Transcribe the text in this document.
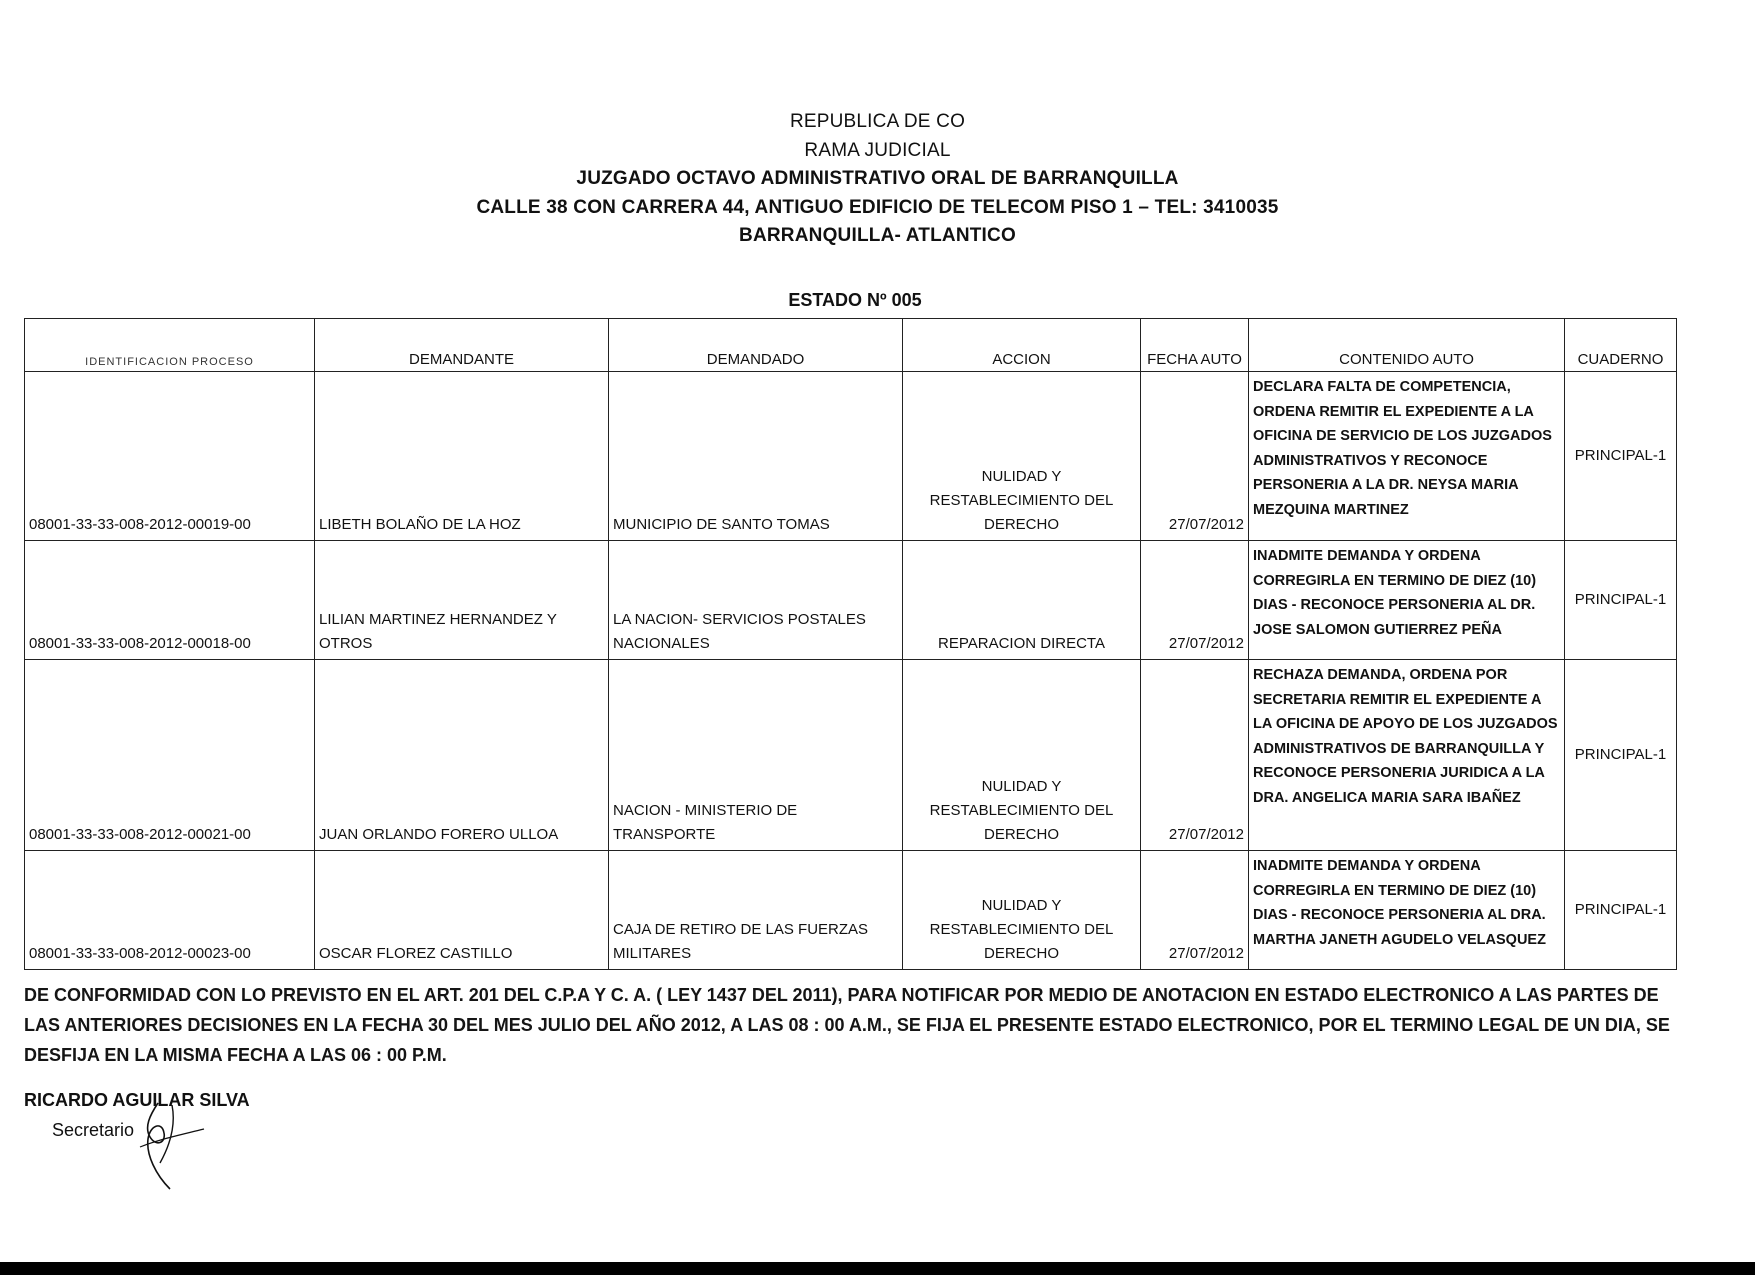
REPUBLICA DE CO
RAMA JUDICIAL
JUZGADO OCTAVO ADMINISTRATIVO ORAL DE BARRANQUILLA
CALLE 38 CON CARRERA 44, ANTIGUO EDIFICIO DE TELECOM PISO 1 – TEL: 3410035
BARRANQUILLA- ATLANTICO
ESTADO Nº 005
IDENTIFICACION PROCESO	DEMANDANTE	DEMANDADO	ACCION	FECHA AUTO	CONTENIDO AUTO	CUADERNO
08001-33-33-008-2012-00019-00	LIBETH BOLAÑO DE LA HOZ	MUNICIPIO DE SANTO TOMAS	NULIDAD Y RESTABLECIMIENTO DEL DERECHO	27/07/2012	DECLARA FALTA DE COMPETENCIA, ORDENA REMITIR EL EXPEDIENTE A LA OFICINA DE SERVICIO DE LOS JUZGADOS ADMINISTRATIVOS Y RECONOCE PERSONERIA A LA DR. NEYSA MARIA MEZQUINA MARTINEZ	PRINCIPAL-1
08001-33-33-008-2012-00018-00	LILIAN MARTINEZ HERNANDEZ Y OTROS	LA NACION- SERVICIOS POSTALES NACIONALES	REPARACION DIRECTA	27/07/2012	INADMITE DEMANDA Y ORDENA CORREGIRLA EN TERMINO DE DIEZ (10) DIAS - RECONOCE PERSONERIA AL DR. JOSE SALOMON GUTIERREZ PEÑA	PRINCIPAL-1
08001-33-33-008-2012-00021-00	JUAN ORLANDO FORERO ULLOA	NACION - MINISTERIO DE TRANSPORTE	NULIDAD Y RESTABLECIMIENTO DEL DERECHO	27/07/2012	RECHAZA DEMANDA, ORDENA POR SECRETARIA REMITIR EL EXPEDIENTE A LA OFICINA DE APOYO DE LOS JUZGADOS ADMINISTRATIVOS DE BARRANQUILLA Y RECONOCE PERSONERIA JURIDICA A LA DRA. ANGELICA MARIA SARA IBAÑEZ	PRINCIPAL-1
08001-33-33-008-2012-00023-00	OSCAR FLOREZ CASTILLO	CAJA DE RETIRO DE LAS FUERZAS MILITARES	NULIDAD Y RESTABLECIMIENTO DEL DERECHO	27/07/2012	INADMITE DEMANDA Y ORDENA CORREGIRLA EN TERMINO DE DIEZ (10) DIAS - RECONOCE PERSONERIA AL DRA. MARTHA JANETH AGUDELO VELASQUEZ	PRINCIPAL-1
DE CONFORMIDAD CON LO PREVISTO EN EL ART. 201 DEL C.P.A Y C. A. ( LEY 1437 DEL 2011), PARA NOTIFICAR POR MEDIO DE ANOTACION EN ESTADO ELECTRONICO A LAS PARTES DE LAS ANTERIORES DECISIONES EN LA FECHA 30 DEL MES JULIO DEL AÑO 2012, A LAS 08 : 00 A.M., SE FIJA EL PRESENTE ESTADO ELECTRONICO, POR EL TERMINO LEGAL DE UN DIA, SE DESFIJA EN LA MISMA FECHA A LAS 06 : 00 P.M.
RICARDO AGUILAR SILVA
Secretario
